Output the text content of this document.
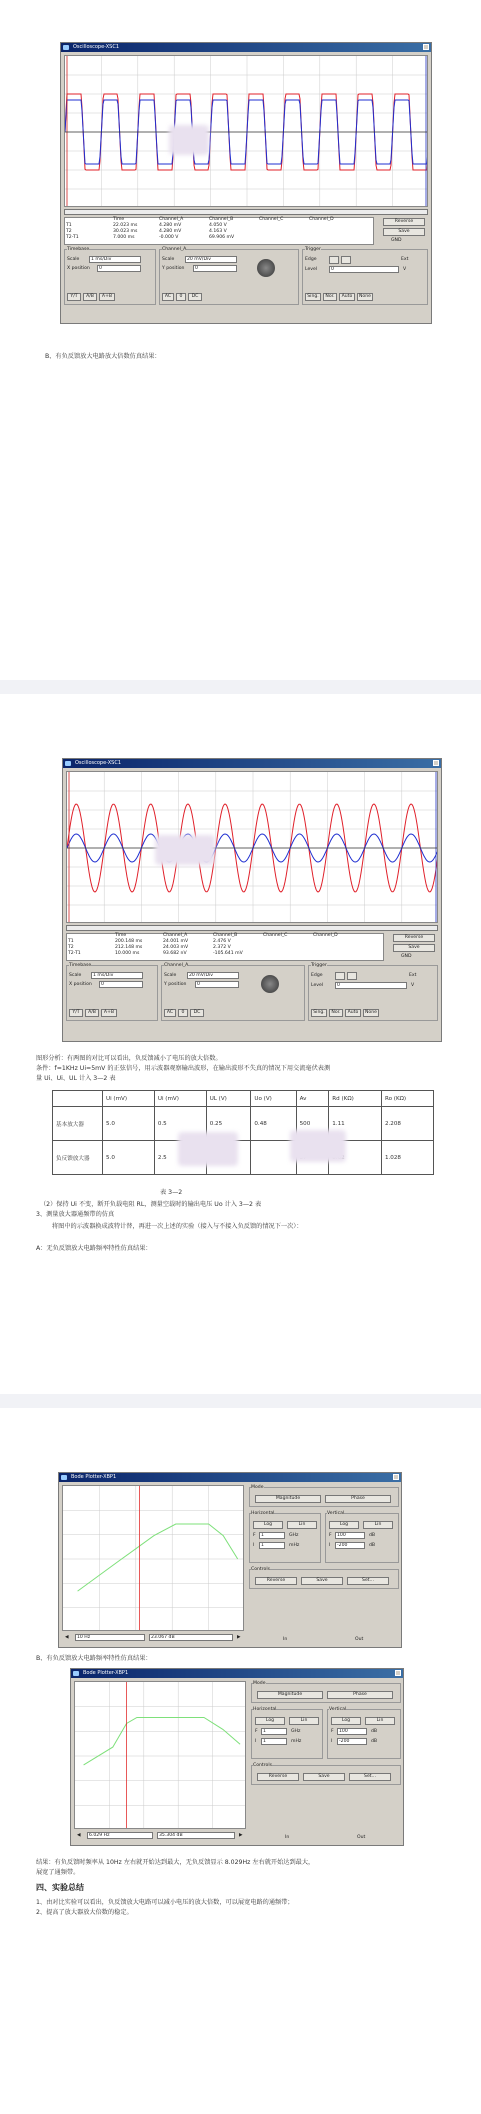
Oscilloscope-XSC1
Time	Channel_A	Channel_B	Channel_C	Channel_D
T1	22.023 ms	4.280 mV	4.050 V
T2	30.023 ms	4.280 mV	4.163 V
T2-T1	7.000 ms	-0.000 V	69.906 mV
Reverse
Save
GND
Timebase
Scale	1 ms/Div
X position	0
Y/T	A/B	A+B
Channel_A
Scale	20 mV/Div
Y position	0
AC	0	DC
Trigger
Edge	Ext
Level	0	V
Sing.	Nor.	Auto	None
B、有负反馈放大电路放大倍数仿真结果：
Oscilloscope-XSC1
Time	Channel_A	Channel_B	Channel_C	Channel_D
T1	200.148 ms	24.001 mV	2.476 V
T2	212.148 ms	24.003 mV	2.372 V
T2-T1	10.000 ms	93.682 nV	-105.641 mV
Reverse
Save
GND
Timebase
Scale	1 ms/Div
X position	0
Y/T	A/B	A+B
Channel_A
Scale	20 mV/Div
Y position	0
AC	0	DC
Trigger
Edge	Ext
Level	0	V
Sing.	Nor.	Auto	None
图形分析：有两图的对比可以看出，负反馈减小了电压的放大倍数。
条件：f=1KHz Ui=5mV 的正弦信号，用示波器观察输出波形，在输出波形不失真的情况下用交流毫伏表测
量 Ui、Ui、UL 计入 3—2 表
	Ui (mV)	Ui (mV)	UL (V)	Uo (V)	Av	Rd (KΩ)	Ro (KΩ)
基本放大器	5.0	0.5	0.25	0.48	500	1.11	2.208
负反馈放大器	5.0	2.5					1.028
表 3—2
（2）保持 Ui 不变，断开负载电阻 RL，测量空载时的输出电压 Uo 计入 3—2 表
3、测量放大器通频带的仿真
将图中的示波器换成波特计替，再进一次上述的实验（接入与不接入负反馈的情况下一次）：
A：无负反馈放大电路频率特性仿真结果：
Bode Plotter-XBP1
◀	10 Hz	23.067 dB	▶
Mode
Magnitude	Phase
Horizontal
Log	Lin
F	1	GHz
I	1	mHz
Vertical
Log	Lin
F	100	dB
I	-200	dB
Controls
Reverse	Save	Set...
In	Out
B、有负反馈放大电路频率特性仿真结果：
Bode Plotter-XBP1
◀	6.029 Hz	35.304 dB	▶
Mode
Magnitude	Phase
Horizontal
Log	Lin
F	1	GHz
I	1	mHz
Vertical
Log	Lin
F	100	dB
I	-200	dB
Controls
Reverse	Save	Set...
In	Out
结果：有负反馈时频率从 10Hz 左右就开始达到最大，无负反馈显示 8.029Hz 左右就开始达到最大，
展宽了通频带。
四、实验总结
1、由对比实验可以看出，负反馈放大电路可以减小电压的放大倍数，可以展宽电路的通频带；
2、提高了放大器放大倍数的稳定。
